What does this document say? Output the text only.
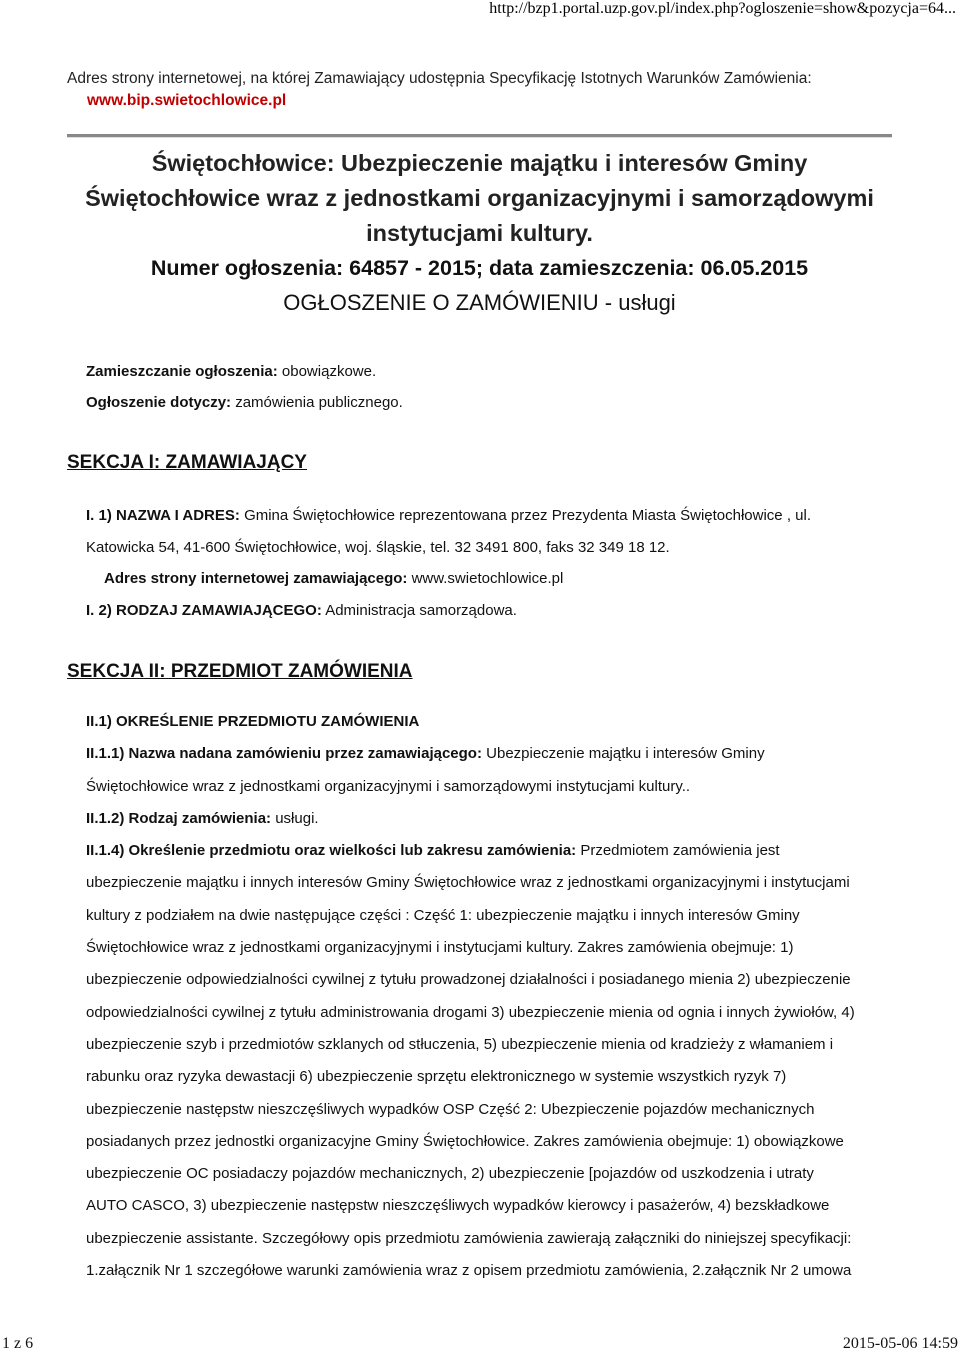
http://bzp1.portal.uzp.gov.pl/index.php?ogloszenie=show&pozycja=64...
Adres strony internetowej, na której Zamawiający udostępnia Specyfikację Istotnych Warunków Zamówienia:
www.bip.swietochlowice.pl
Świętochłowice: Ubezpieczenie majątku i interesów Gminy Świętochłowice wraz z jednostkami organizacyjnymi i samorządowymi instytucjami kultury.

Numer ogłoszenia: 64857 - 2015; data zamieszczenia: 06.05.2015

OGŁOSZENIE O ZAMÓWIENIU - usługi

Zamieszczanie ogłoszenia: obowiązkowe.
Ogłoszenie dotyczy: zamówienia publicznego.
SEKCJA I: ZAMAWIAJĄCY

I. 1) NAZWA I ADRES: Gmina Świętochłowice reprezentowana przez Prezydenta Miasta Świętochłowice , ul.

Katowicka 54, 41-600 Świętochłowice, woj. śląskie, tel. 32 3491 800, faks 32 349 18 12.

Adres strony internetowej zamawiającego: www.swietochlowice.pl

I. 2) RODZAJ ZAMAWIAJĄCEGO: Administracja samorządowa.

SEKCJA II: PRZEDMIOT ZAMÓWIENIA

II.1) OKREŚLENIE PRZEDMIOTU ZAMÓWIENIA

II.1.1) Nazwa nadana zamówieniu przez zamawiającego: Ubezpieczenie majątku i interesów Gminy

Świętochłowice wraz z jednostkami organizacyjnymi i samorządowymi instytucjami kultury..

II.1.2) Rodzaj zamówienia: usługi.

II.1.4) Określenie przedmiotu oraz wielkości lub zakresu zamówienia: Przedmiotem zamówienia jest

ubezpieczenie majątku i innych interesów Gminy Świętochłowice wraz z jednostkami organizacyjnymi i instytucjami

kultury z podziałem na dwie następujące części : Część 1: ubezpieczenie majątku i innych interesów Gminy

Świętochłowice wraz z jednostkami organizacyjnymi i instytucjami kultury. Zakres zamówienia obejmuje: 1)

ubezpieczenie odpowiedzialności cywilnej z tytułu prowadzonej działalności i posiadanego mienia 2) ubezpieczenie

odpowiedzialności cywilnej z tytułu administrowania drogami 3) ubezpieczenie mienia od ognia i innych żywiołów, 4)

ubezpieczenie szyb i przedmiotów szklanych od stłuczenia, 5) ubezpieczenie mienia od kradzieży z włamaniem i

rabunku oraz ryzyka dewastacji 6) ubezpieczenie sprzętu elektronicznego w systemie wszystkich ryzyk 7)

ubezpieczenie następstw nieszczęśliwych wypadków OSP Część 2: Ubezpieczenie pojazdów mechanicznych

posiadanych przez jednostki organizacyjne Gminy Świętochłowice. Zakres zamówienia obejmuje: 1) obowiązkowe

ubezpieczenie OC posiadaczy pojazdów mechanicznych, 2) ubezpieczenie [pojazdów od uszkodzenia i utraty

AUTO CASCO, 3) ubezpieczenie następstw nieszczęśliwych wypadków kierowcy i pasażerów, 4) bezskładkowe

ubezpieczenie assistante. Szczegółowy opis przedmiotu zamówienia zawierają załączniki do niniejszej specyfikacji:

1.załącznik Nr 1 szczegółowe warunki zamówienia wraz z opisem przedmiotu zamówienia, 2.załącznik Nr 2 umowa

1 z 6	2015-05-06 14:59
